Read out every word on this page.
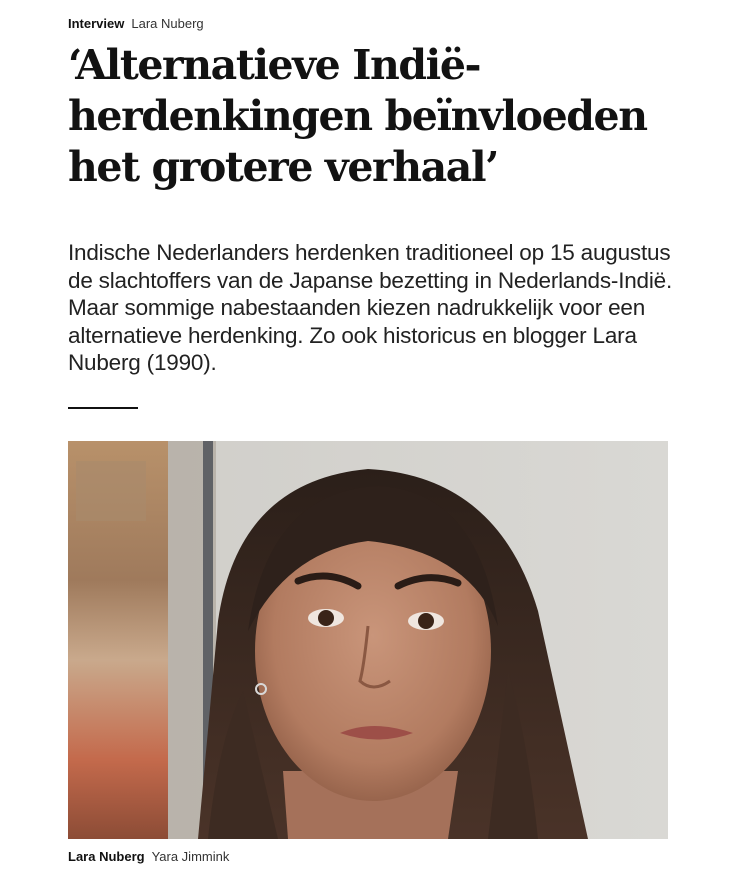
Interview Lara Nuberg
‘Alternatieve Indië-
herdenkingen beïnvloeden
het grotere verhaal’

Indische Nederlanders herdenken traditioneel op 15 augustus de slachtoffers van de Japanse bezetting in Nederlands-Indië. Maar sommige nabestaanden kiezen nadrukkelijk voor een alternatieve herdenking. Zo ook historicus en blogger Lara Nuberg (1990).

Lara Nuberg Yara Jimmink
